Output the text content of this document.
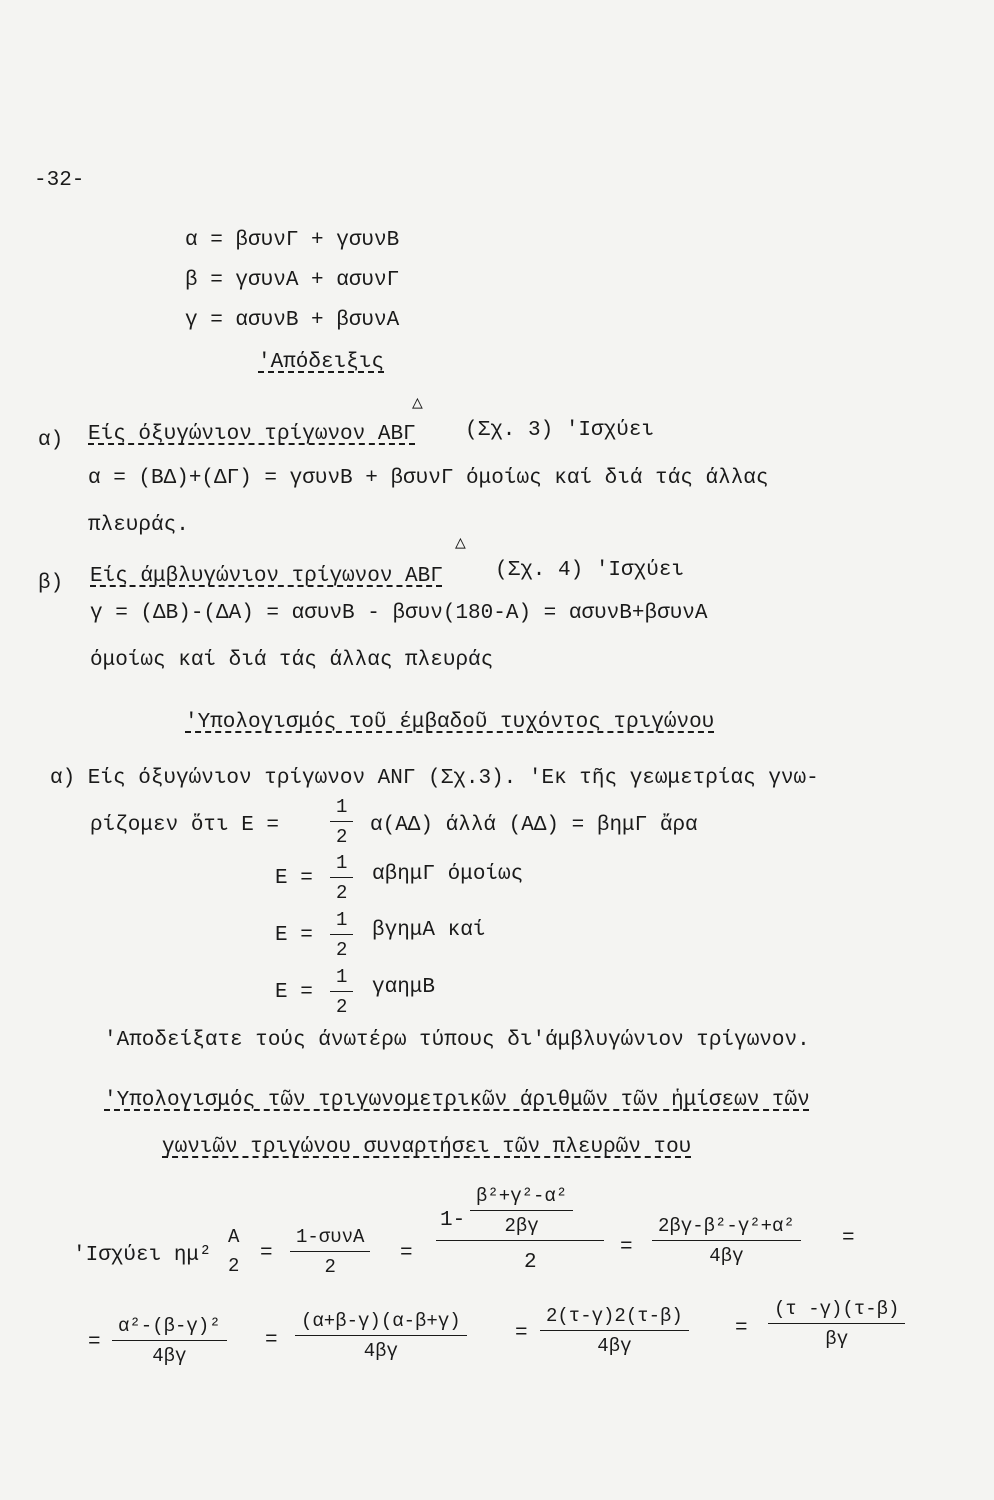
-32-
α = βσυνΓ + γσυνΒ
β = γσυνΑ + ασυνΓ
γ = ασυνΒ + βσυνΑ
'Απόδειξις
△
α) Είς όξυγώνιον τρίγωνον ΑΒΓ (Σχ. 3) 'Ισχύει
α = (ΒΔ)+(ΔΓ) = γσυνΒ + βσυνΓ όμοίως καί διά τάς άλλας
πλευράς.
△
β) Είς άμβλυγώνιον τρίγωνον ΑΒΓ (Σχ. 4) 'Ισχύει
γ = (ΔΒ)-(ΔΑ) = ασυνΒ - βσυν(180-Α) = ασυνΒ+βσυνΑ
όμοίως καί διά τάς άλλας πλευράς
'Υπολογισμός τοῦ έμβαδοῦ τυχόντος τριγώνου
α) Είς όξυγώνιον τρίγωνον ΑΝΓ (Σχ.3). 'Εκ τῆς γεωμετρίας γνω-
ρίζομεν ὅτι Ε =	$\frac{1}{2} \alpha(A\Delta)$ άλλά (ΑΔ) = βημΓ ἄρα
$E = \frac{1}{2}$ αβημΓ όμοίως
$E = \frac{1}{2}$ βγημΑ καί
$E = \frac{1}{2}$ γαημΒ
'Αποδείξατε τούς άνωτέρω τύπους δι'άμβλυγώνιον τρίγωνον.
'Υπολογισμός τῶν τριγωνομετρικῶν άριθμῶν τῶν ἡμίσεων τῶν
γωνιῶν τριγώνου συναρτήσει τῶν πλευρῶν του
'Ισχύει ημ²
Α
2
=
1-συνΑ
2
=
$1- \frac{\text{β²+γ²-α²}}{2\beta\gamma}$
2
= $\frac{\text{2βγ-β²-γ²+α²}}{4\beta\gamma}$ =
= $\frac{\text{α²-(β-γ)²}}{4\beta\gamma} = \frac{(\alpha+\beta-\gamma)(\alpha-\beta+\gamma)}{4\beta\gamma} = \frac{2(\tau-\gamma)2(\tau-\beta)}{4\beta\gamma} = \frac{(\tau -\gamma)(\tau-\beta)}{\beta\gamma}$
